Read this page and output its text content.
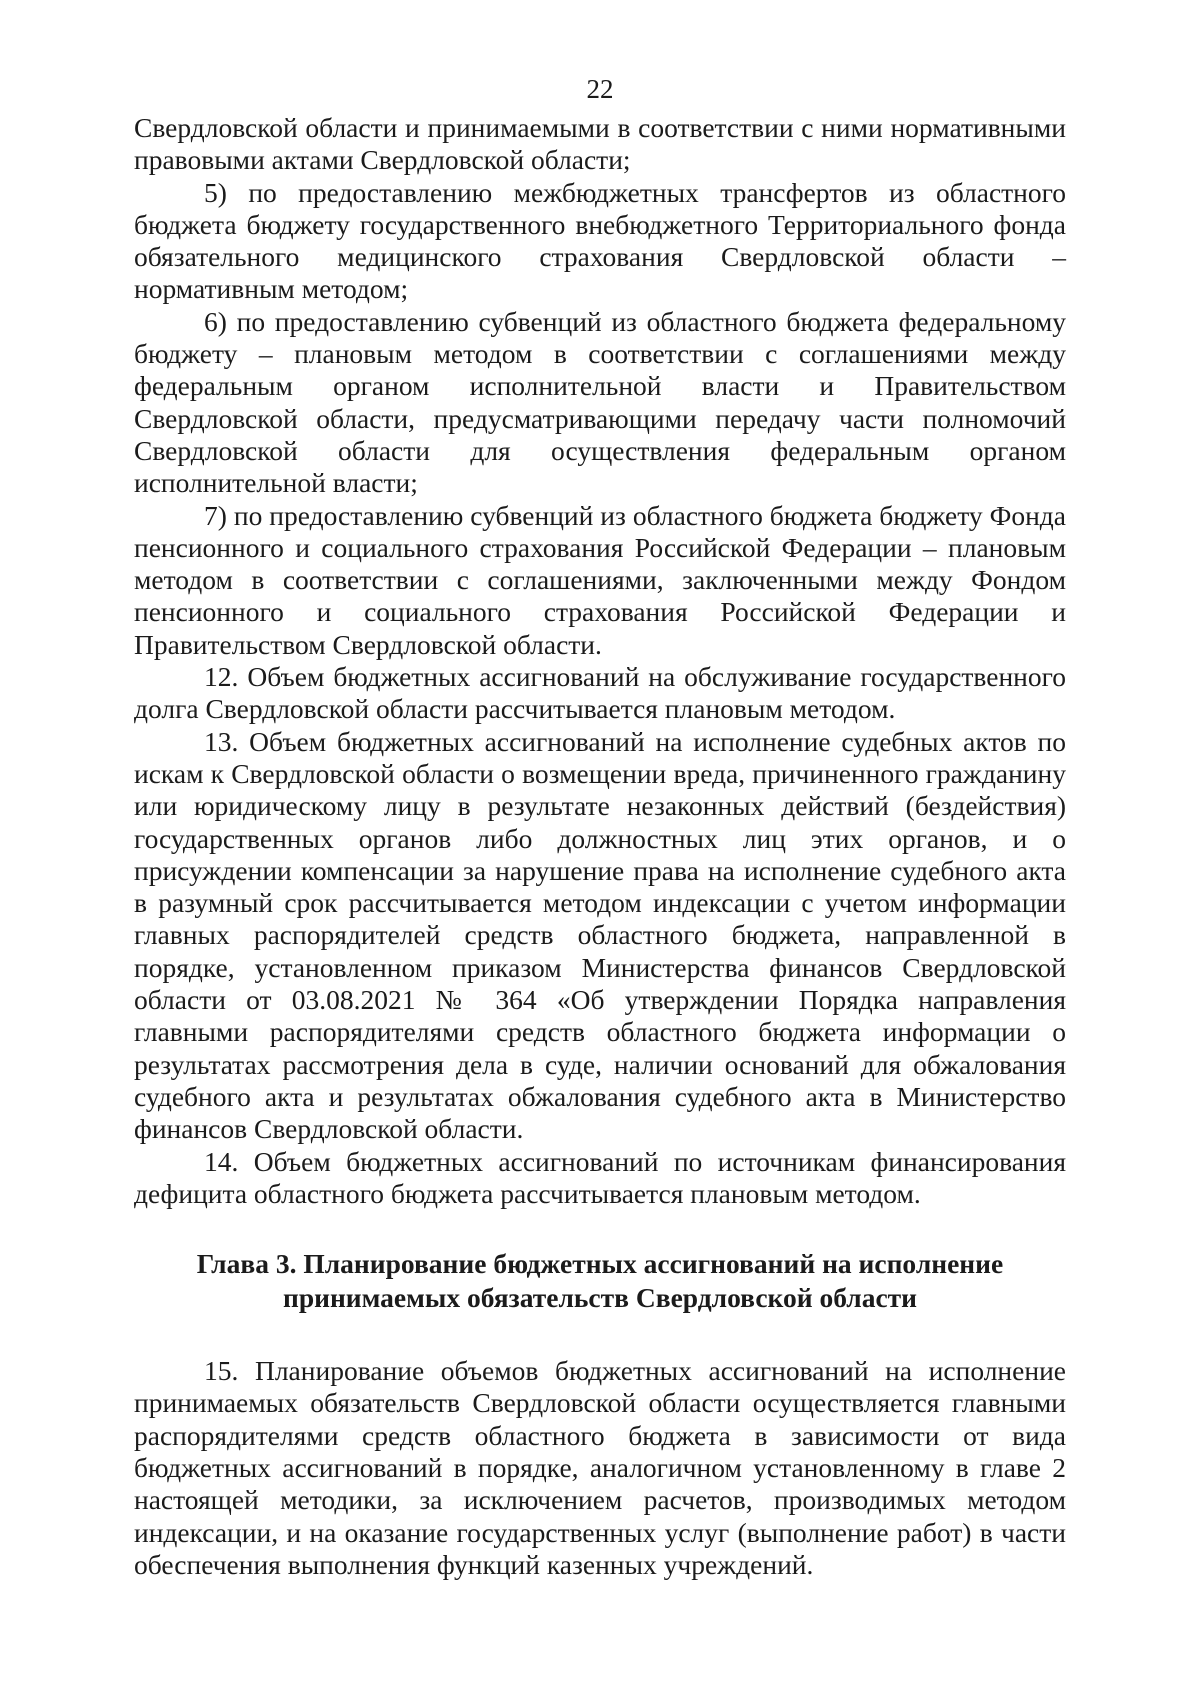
22

Свердловской области и принимаемыми в соответствии с ними нормативными правовыми актами Свердловской области;

5) по предоставлению межбюджетных трансфертов из областного бюджета бюджету государственного внебюджетного Территориального фонда обязательного медицинского страхования Свердловской области – нормативным методом;

6) по предоставлению субвенций из областного бюджета федеральному бюджету – плановым методом в соответствии с соглашениями между федеральным органом исполнительной власти и Правительством Свердловской области, предусматривающими передачу части полномочий Свердловской области для осуществления федеральным органом исполнительной власти;

7) по предоставлению субвенций из областного бюджета бюджету Фонда пенсионного и социального страхования Российской Федерации – плановым методом в соответствии с соглашениями, заключенными между Фондом пенсионного и социального страхования Российской Федерации и Правительством Свердловской области.

12. Объем бюджетных ассигнований на обслуживание государственного долга Свердловской области рассчитывается плановым методом.

13. Объем бюджетных ассигнований на исполнение судебных актов по искам к Свердловской области о возмещении вреда, причиненного гражданину или юридическому лицу в результате незаконных действий (бездействия) государственных органов либо должностных лиц этих органов, и о присуждении компенсации за нарушение права на исполнение судебного акта в разумный срок рассчитывается методом индексации с учетом информации главных распорядителей средств областного бюджета, направленной в порядке, установленном приказом Министерства финансов Свердловской области от 03.08.2021 № 364 «Об утверждении Порядка направления главными распорядителями средств областного бюджета информации о результатах рассмотрения дела в суде, наличии оснований для обжалования судебного акта и результатах обжалования судебного акта в Министерство финансов Свердловской области.

14. Объем бюджетных ассигнований по источникам финансирования дефицита областного бюджета рассчитывается плановым методом.

Глава 3. Планирование бюджетных ассигнований на исполнение
принимаемых обязательств Свердловской области

15. Планирование объемов бюджетных ассигнований на исполнение принимаемых обязательств Свердловской области осуществляется главными распорядителями средств областного бюджета в зависимости от вида бюджетных ассигнований в порядке, аналогичном установленному в главе 2 настоящей методики, за исключением расчетов, производимых методом индексации, и на оказание государственных услуг (выполнение работ) в части обеспечения выполнения функций казенных учреждений.
